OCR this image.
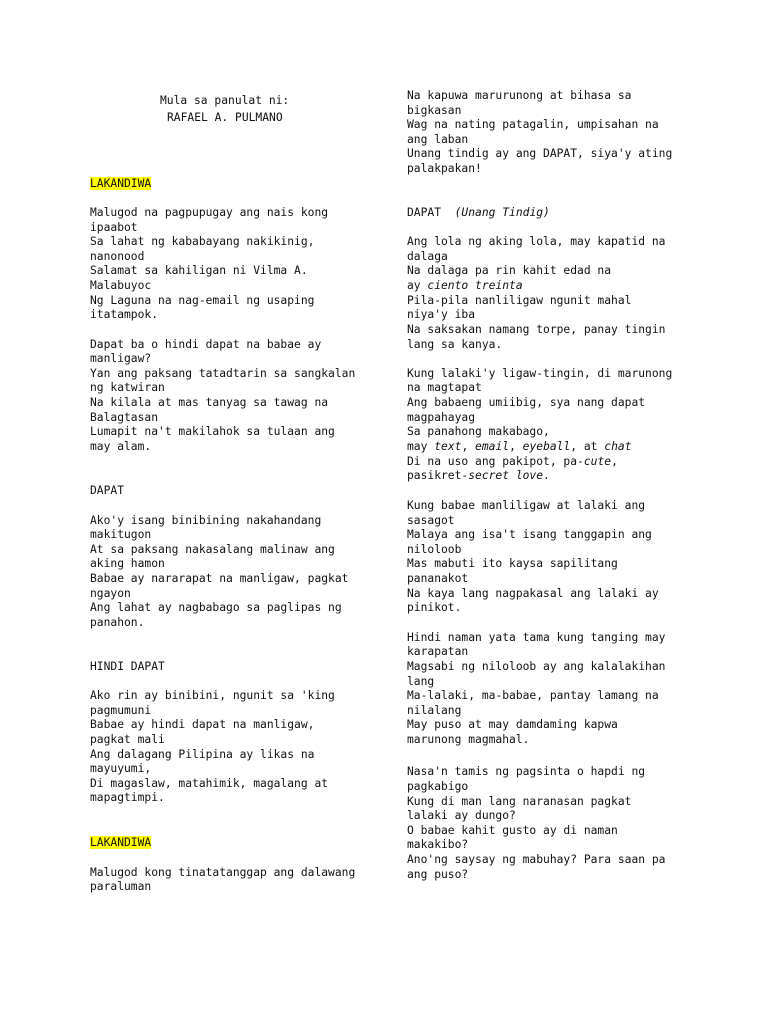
Mula sa panulat ni:
RAFAEL A. PULMANO
LAKANDIWA
Malugod na pagpupugay ang nais kong
ipaabot
Sa lahat ng kababayang nakikinig,
nanonood
Salamat sa kahiligan ni Vilma A.
Malabuyoc
Ng Laguna na nag-email ng usaping
itatampok.
Dapat ba o hindi dapat na babae ay
manligaw?
Yan ang paksang tatadtarin sa sangkalan
ng katwiran
Na kilala at mas tanyag sa tawag na
Balagtasan
Lumapit na't makilahok sa tulaan ang
may alam.
DAPAT
Ako'y isang binibining nakahandang
makitugon
At sa paksang nakasalang malinaw ang
aking hamon
Babae ay nararapat na manligaw, pagkat
ngayon
Ang lahat ay nagbabago sa paglipas ng
panahon.
HINDI DAPAT
Ako rin ay binibini, ngunit sa 'king
pagmumuni
Babae ay hindi dapat na manligaw,
pagkat mali
Ang dalagang Pilipina ay likas na
mayuyumi,
Di magaslaw, matahimik, magalang at
mapagtimpi.
LAKANDIWA
Malugod kong tinatatanggap ang dalawang
paraluman
Na kapuwa marurunong at bihasa sa
bigkasan
Wag na nating patagalin, umpisahan na
ang laban
Unang tindig ay ang DAPAT, siya'y ating
palakpakan!
DAPAT (Unang Tindig)
Ang lola ng aking lola, may kapatid na
dalaga
Na dalaga pa rin kahit edad na
ay ciento treinta
Pila-pila nanliligaw ngunit mahal
niya'y iba
Na saksakan namang torpe, panay tingin
lang sa kanya.
Kung lalaki'y ligaw-tingin, di marunong
na magtapat
Ang babaeng umiibig, sya nang dapat
magpahayag
Sa panahong makabago,
may text, email, eyeball, at chat
Di na uso ang pakipot, pa-cute,
pasikret-secret love.
Kung babae manliligaw at lalaki ang
sasagot
Malaya ang isa't isang tanggapin ang
niloloob
Mas mabuti ito kaysa sapilitang
pananakot
Na kaya lang nagpakasal ang lalaki ay
pinikot.
Hindi naman yata tama kung tanging may
karapatan
Magsabi ng niloloob ay ang kalalakihan
lang
Ma-lalaki, ma-babae, pantay lamang na
nilalang
May puso at may damdaming kapwa
marunong magmahal.
Nasa'n tamis ng pagsinta o hapdi ng
pagkabigo
Kung di man lang naranasan pagkat
lalaki ay dungo?
O babae kahit gusto ay di naman
makakibo?
Ano'ng saysay ng mabuhay? Para saan pa
ang puso?
